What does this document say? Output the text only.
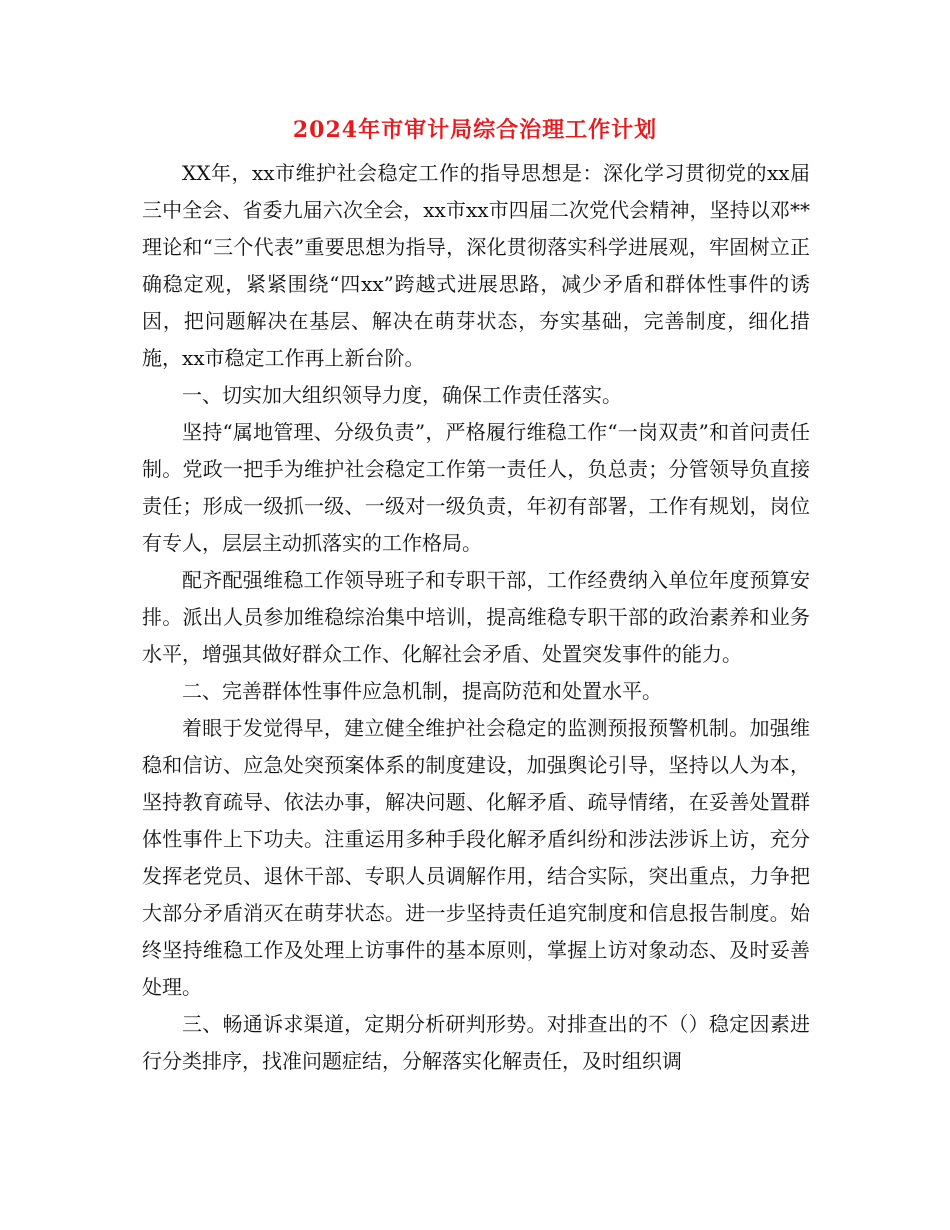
2024年市审计局综合治理工作计划

XX年，xx市维护社会稳定工作的指导思想是：深化学习贯彻党的xx届三中全会、省委九届六次全会，xx市xx市四届二次党代会精神，坚持以邓**理论和“三个代表”重要思想为指导，深化贯彻落实科学进展观，牢固树立正确稳定观，紧紧围绕“四xx”跨越式进展思路，减少矛盾和群体性事件的诱因，把问题解决在基层、解决在萌芽状态，夯实基础，完善制度，细化措施，xx市稳定工作再上新台阶。

一、切实加大组织领导力度，确保工作责任落实。

坚持“属地管理、分级负责”，严格履行维稳工作“一岗双责”和首问责任制。党政一把手为维护社会稳定工作第一责任人，负总责；分管领导负直接责任；形成一级抓一级、一级对一级负责，年初有部署，工作有规划，岗位有专人，层层主动抓落实的工作格局。

配齐配强维稳工作领导班子和专职干部，工作经费纳入单位年度预算安排。派出人员参加维稳综治集中培训，提高维稳专职干部的政治素养和业务水平，增强其做好群众工作、化解社会矛盾、处置突发事件的能力。

二、完善群体性事件应急机制，提高防范和处置水平。

着眼于发觉得早，建立健全维护社会稳定的监测预报预警机制。加强维稳和信访、应急处突预案体系的制度建设，加强舆论引导，坚持以人为本，坚持教育疏导、依法办事，解决问题、化解矛盾、疏导情绪，在妥善处置群体性事件上下功夫。注重运用多种手段化解矛盾纠纷和涉法涉诉上访，充分发挥老党员、退休干部、专职人员调解作用，结合实际，突出重点，力争把大部分矛盾消灭在萌芽状态。进一步坚持责任追究制度和信息报告制度。始终坚持维稳工作及处理上访事件的基本原则，掌握上访对象动态、及时妥善处理。

三、畅通诉求渠道，定期分析研判形势。对排查出的不（）稳定因素进行分类排序，找准问题症结，分解落实化解责任，及时组织调
